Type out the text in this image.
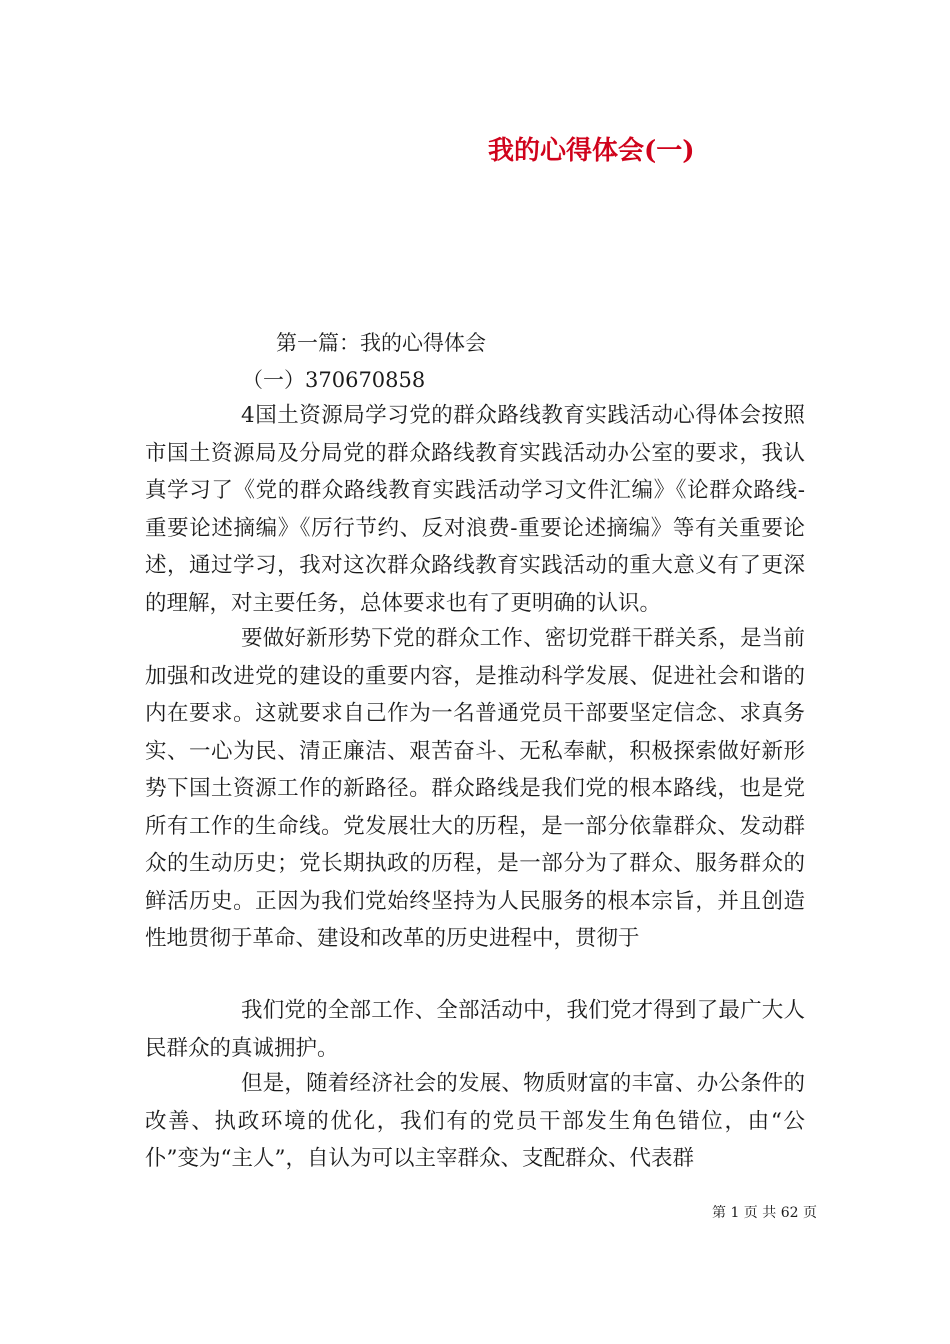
我的心得体会(一)

第一篇：我的心得体会

（一）370670858

4国土资源局学习党的群众路线教育实践活动心得体会按照市国土资源局及分局党的群众路线教育实践活动办公室的要求，我认真学习了《党的群众路线教育实践活动学习文件汇编》《论群众路线-重要论述摘编》《厉行节约、反对浪费-重要论述摘编》等有关重要论述，通过学习，我对这次群众路线教育实践活动的重大意义有了更深的理解，对主要任务，总体要求也有了更明确的认识。

要做好新形势下党的群众工作、密切党群干群关系，是当前加强和改进党的建设的重要内容，是推动科学发展、促进社会和谐的内在要求。这就要求自己作为一名普通党员干部要坚定信念、求真务实、一心为民、清正廉洁、艰苦奋斗、无私奉献，积极探索做好新形势下国土资源工作的新路径。群众路线是我们党的根本路线，也是党所有工作的生命线。党发展壮大的历程，是一部分依靠群众、发动群众的生动历史；党长期执政的历程，是一部分为了群众、服务群众的鲜活历史。正因为我们党始终坚持为人民服务的根本宗旨，并且创造性地贯彻于革命、建设和改革的历史进程中，贯彻于

我们党的全部工作、全部活动中，我们党才得到了最广大人民群众的真诚拥护。

但是，随着经济社会的发展、物质财富的丰富、办公条件的改善、执政环境的优化，我们有的党员干部发生角色错位，由“公仆”变为“主人”，自认为可以主宰群众、支配群众、代表群

第 1 页 共 62 页
